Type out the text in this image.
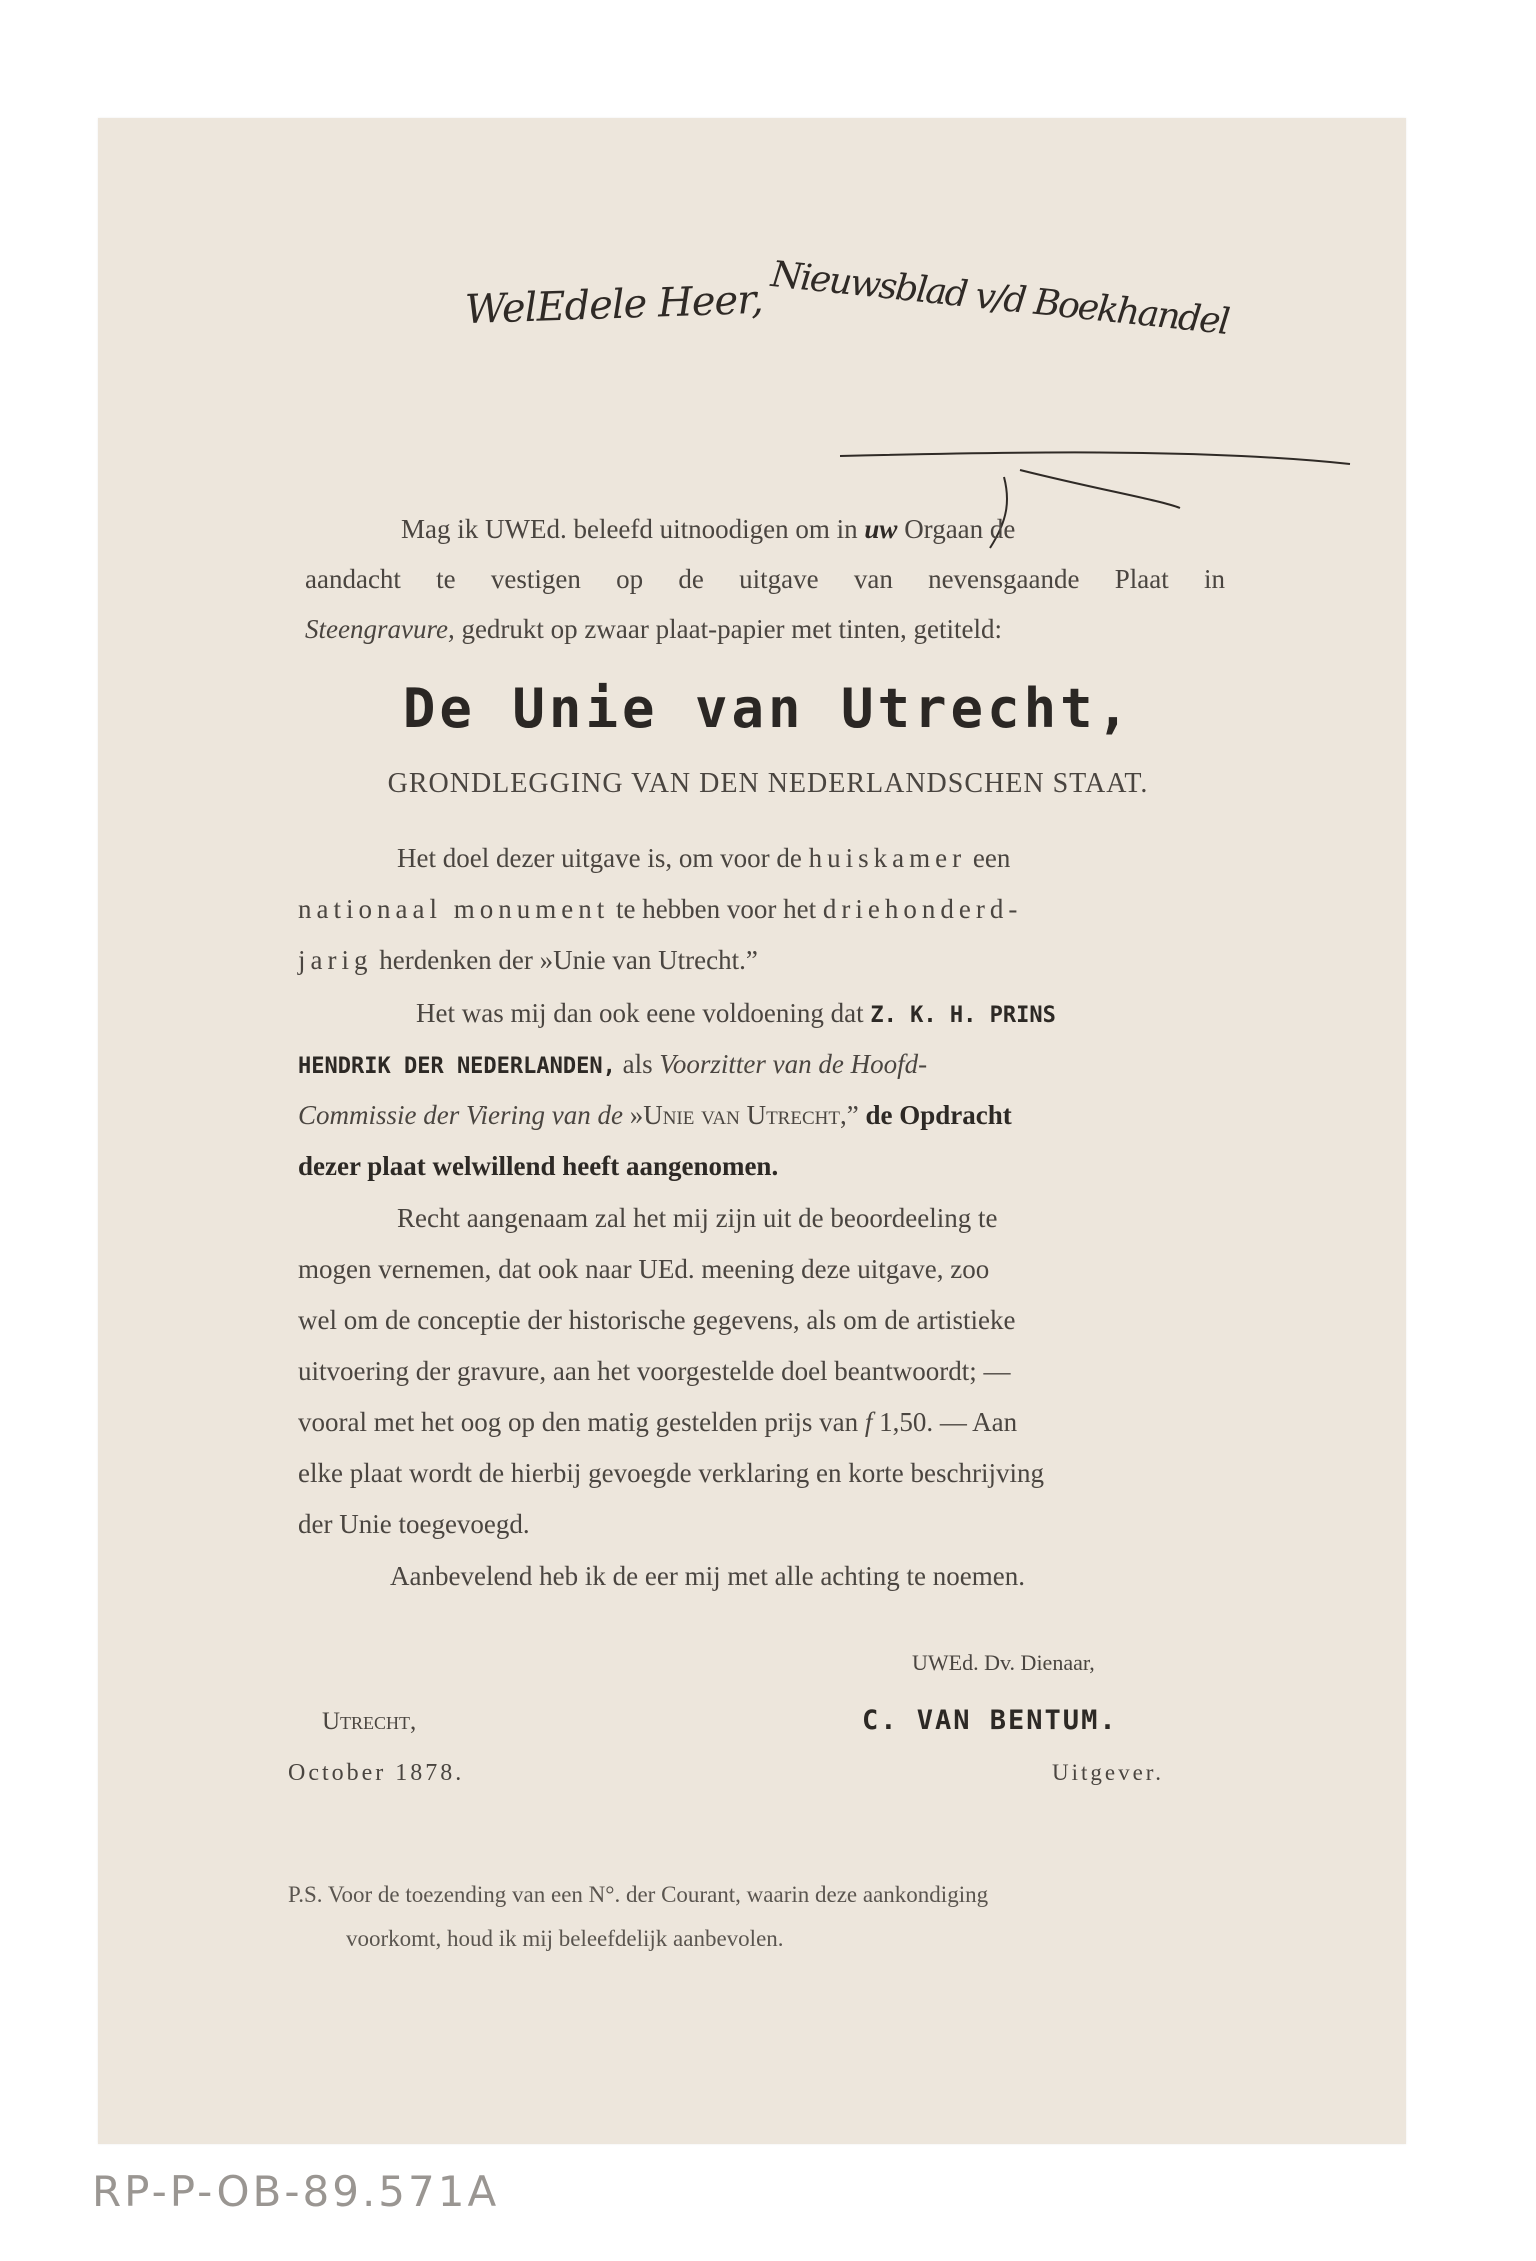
WelEdele Heer, Nieuwsblad v/d Boekhandel
Mag ik UWEd. beleefd uitnoodigen om in uw Orgaan de
aandacht te vestigen op de uitgave van nevensgaande Plaat in
Steengravure, gedrukt op zwaar plaat-papier met tinten, getiteld:
De Unie van Utrecht,
GRONDLEGGING VAN DEN NEDERLANDSCHEN STAAT.
Het doel dezer uitgave is, om voor de huiskamer een
nationaal monument te hebben voor het driehonderd-
jarig herdenken der »Unie van Utrecht.”
Het was mij dan ook eene voldoening dat Z. K. H. PRINS
HENDRIK DER NEDERLANDEN, als Voorzitter van de Hoofd-
Commissie der Viering van de »Unie van Utrecht,” de Opdracht
dezer plaat welwillend heeft aangenomen.
Recht aangenaam zal het mij zijn uit de beoordeeling te
mogen vernemen, dat ook naar UEd. meening deze uitgave, zoo
wel om de conceptie der historische gegevens, als om de artistieke
uitvoering der gravure, aan het voorgestelde doel beantwoordt; —
vooral met het oog op den matig gestelden prijs van f 1,50. — Aan
elke plaat wordt de hierbij gevoegde verklaring en korte beschrijving
der Unie toegevoegd.
Aanbevelend heb ik de eer mij met alle achting te noemen.
UWEd. Dv. Dienaar,
Utrecht,	C. VAN BENTUM.
October 1878.	Uitgever.
P.S. Voor de toezending van een N°. der Courant, waarin deze aankondiging
voorkomt, houd ik mij beleefdelijk aanbevolen.
RP-P-OB-89.571A
